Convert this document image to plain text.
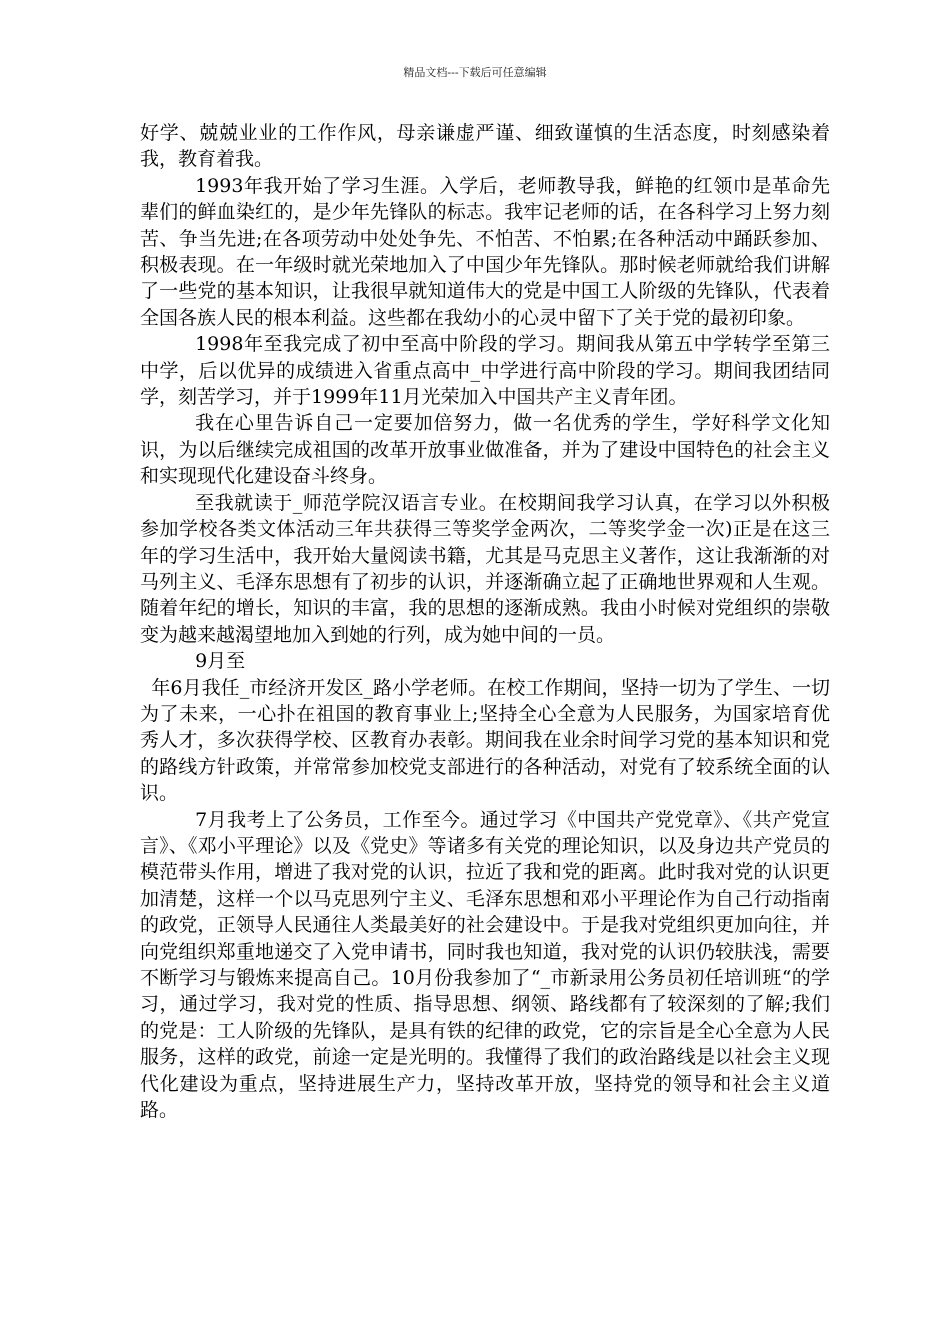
精品文档---下载后可任意编辑

好学、兢兢业业的工作作风，母亲谦虚严谨、细致谨慎的生活态度，时刻感染着我，教育着我。

1993年我开始了学习生涯。入学后，老师教导我，鲜艳的红领巾是革命先辈们的鲜血染红的，是少年先锋队的标志。我牢记老师的话，在各科学习上努力刻苦、争当先进;在各项劳动中处处争先、不怕苦、不怕累;在各种活动中踊跃参加、积极表现。在一年级时就光荣地加入了中国少年先锋队。那时候老师就给我们讲解了一些党的基本知识，让我很早就知道伟大的党是中国工人阶级的先锋队，代表着全国各族人民的根本利益。这些都在我幼小的心灵中留下了关于党的最初印象。

1998年至我完成了初中至高中阶段的学习。期间我从第五中学转学至第三中学，后以优异的成绩进入省重点高中_中学进行高中阶段的学习。期间我团结同学，刻苦学习，并于1999年11月光荣加入中国共产主义青年团。

我在心里告诉自己一定要加倍努力，做一名优秀的学生，学好科学文化知识，为以后继续完成祖国的改革开放事业做准备，并为了建设中国特色的社会主义和实现现代化建设奋斗终身。

至我就读于_师范学院汉语言专业。在校期间我学习认真，在学习以外积极参加学校各类文体活动三年共获得三等奖学金两次，二等奖学金一次)正是在这三年的学习生活中，我开始大量阅读书籍，尤其是马克思主义著作，这让我渐渐的对马列主义、毛泽东思想有了初步的认识，并逐渐确立起了正确地世界观和人生观。随着年纪的增长，知识的丰富，我的思想的逐渐成熟。我由小时候对党组织的崇敬变为越来越渴望地加入到她的行列，成为她中间的一员。

9月至

年6月我任_市经济开发区_路小学老师。在校工作期间，坚持一切为了学生、一切为了未来，一心扑在祖国的教育事业上;坚持全心全意为人民服务，为国家培育优秀人才，多次获得学校、区教育办表彰。期间我在业余时间学习党的基本知识和党的路线方针政策，并常常参加校党支部进行的各种活动，对党有了较系统全面的认识。

7月我考上了公务员，工作至今。通过学习《中国共产党党章》、《共产党宣言》、《邓小平理论》以及《党史》等诸多有关党的理论知识，以及身边共产党员的模范带头作用，增进了我对党的认识，拉近了我和党的距离。此时我对党的认识更加清楚，这样一个以马克思列宁主义、毛泽东思想和邓小平理论作为自己行动指南的政党，正领导人民通往人类最美好的社会建设中。于是我对党组织更加向往，并向党组织郑重地递交了入党申请书，同时我也知道，我对党的认识仍较肤浅，需要不断学习与锻炼来提高自己。10月份我参加了“_市新录用公务员初任培训班“的学习，通过学习，我对党的性质、指导思想、纲领、路线都有了较深刻的了解;我们的党是：工人阶级的先锋队，是具有铁的纪律的政党，它的宗旨是全心全意为人民服务，这样的政党，前途一定是光明的。我懂得了我们的政治路线是以社会主义现代化建设为重点，坚持进展生产力，坚持改革开放，坚持党的领导和社会主义道路。
